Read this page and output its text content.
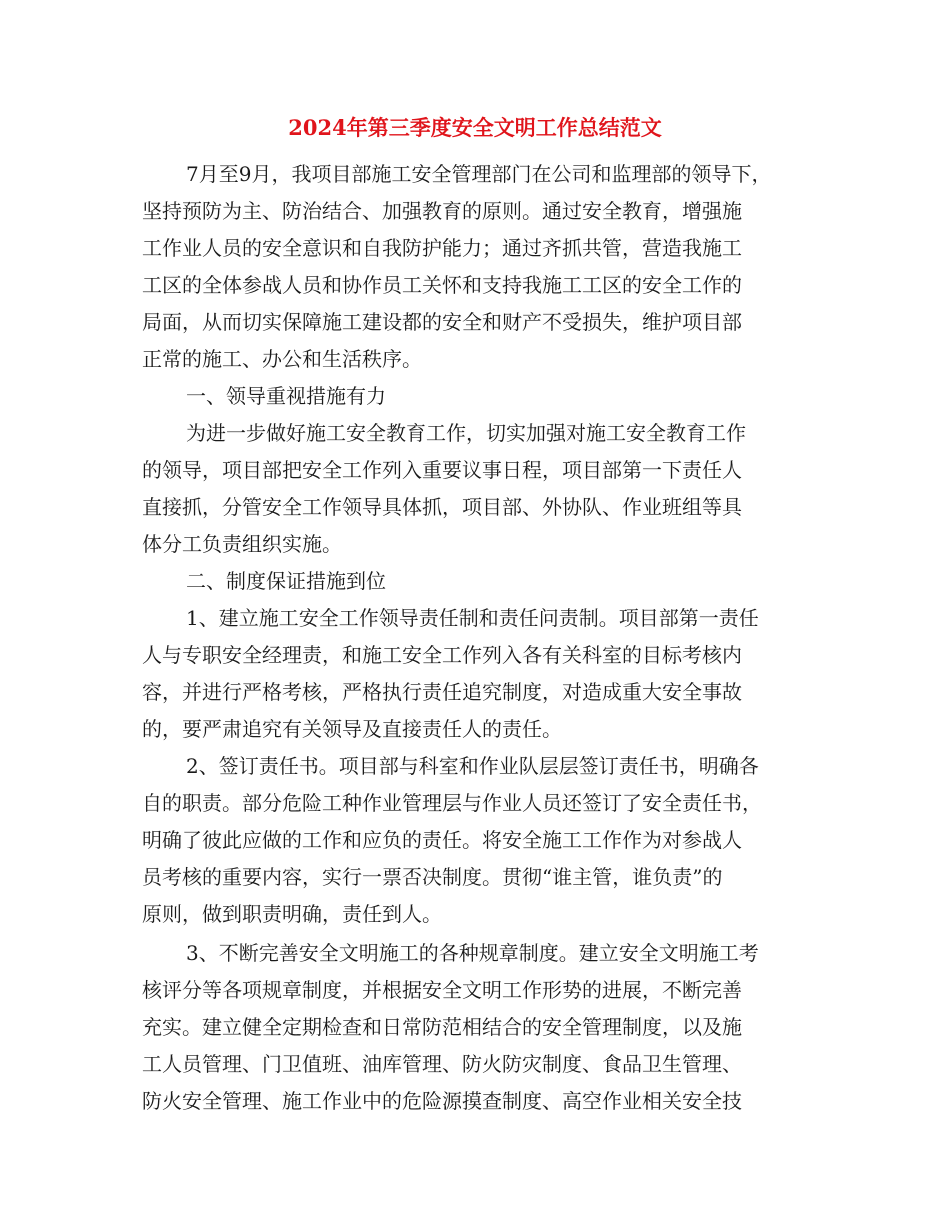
2024年第三季度安全文明工作总结范文
7月至9月，我项目部施工安全管理部门在公司和监理部的领导下，
坚持预防为主、防治结合、加强教育的原则。通过安全教育，增强施
工作业人员的安全意识和自我防护能力；通过齐抓共管，营造我施工
工区的全体参战人员和协作员工关怀和支持我施工工区的安全工作的
局面，从而切实保障施工建设都的安全和财产不受损失，维护项目部
正常的施工、办公和生活秩序。
一、领导重视措施有力
为进一步做好施工安全教育工作，切实加强对施工安全教育工作
的领导，项目部把安全工作列入重要议事日程，项目部第一下责任人
直接抓，分管安全工作领导具体抓，项目部、外协队、作业班组等具
体分工负责组织实施。
二、制度保证措施到位
1、建立施工安全工作领导责任制和责任问责制。项目部第一责任
人与专职安全经理责，和施工安全工作列入各有关科室的目标考核内
容，并进行严格考核，严格执行责任追究制度，对造成重大安全事故
的，要严肃追究有关领导及直接责任人的责任。
2、签订责任书。项目部与科室和作业队层层签订责任书，明确各
自的职责。部分危险工种作业管理层与作业人员还签订了安全责任书，
明确了彼此应做的工作和应负的责任。将安全施工工作作为对参战人
员考核的重要内容，实行一票否决制度。贯彻“谁主管，谁负责”的
原则，做到职责明确，责任到人。
3、不断完善安全文明施工的各种规章制度。建立安全文明施工考
核评分等各项规章制度，并根据安全文明工作形势的进展，不断完善
充实。建立健全定期检查和日常防范相结合的安全管理制度，以及施
工人员管理、门卫值班、油库管理、防火防灾制度、食品卫生管理、
防火安全管理、施工作业中的危险源摸查制度、高空作业相关安全技
